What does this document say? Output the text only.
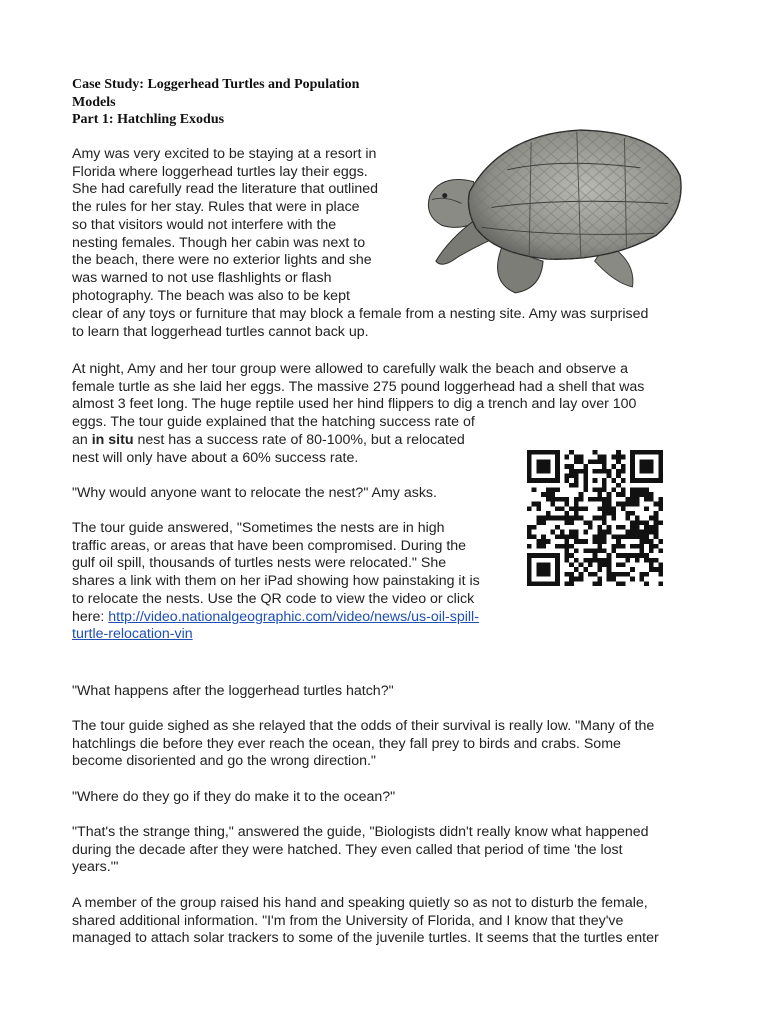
Case Study: Loggerhead Turtles and Population
Models
Part 1: Hatchling Exodus
Amy was very excited to be staying at a resort in
Florida where loggerhead turtles lay their eggs.
She had carefully read the literature that outlined
the rules for her stay. Rules that were in place
so that visitors would not interfere with the
nesting females. Though her cabin was next to
the beach, there were no exterior lights and she
was warned to not use flashlights or flash
photography. The beach was also to be kept
clear of any toys or furniture that may block a female from a nesting site. Amy was surprised
to learn that loggerhead turtles cannot back up.
At night, Amy and her tour group were allowed to carefully walk the beach and observe a
female turtle as she laid her eggs. The massive 275 pound loggerhead had a shell that was
almost 3 feet long. The huge reptile used her hind flippers to dig a trench and lay over 100
eggs. The tour guide explained that the hatching success rate of
an in situ nest has a success rate of 80-100%, but a relocated
nest will only have about a 60% success rate.
"Why would anyone want to relocate the nest?" Amy asks.
The tour guide answered, "Sometimes the nests are in high
traffic areas, or areas that have been compromised. During the
gulf oil spill, thousands of turtles nests were relocated." She
shares a link with them on her iPad showing how painstaking it is
to relocate the nests. Use the QR code to view the video or click
here: http://video.nationalgeographic.com/video/news/us-oil-spill-
turtle-relocation-vin
"What happens after the loggerhead turtles hatch?"
The tour guide sighed as she relayed that the odds of their survival is really low. "Many of the
hatchlings die before they ever reach the ocean, they fall prey to birds and crabs. Some
become disoriented and go the wrong direction."
"Where do they go if they do make it to the ocean?"
"That's the strange thing," answered the guide, "Biologists didn't really know what happened
during the decade after they were hatched. They even called that period of time 'the lost
years.'"
A member of the group raised his hand and speaking quietly so as not to disturb the female,
shared additional information. "I'm from the University of Florida, and I know that they've
managed to attach solar trackers to some of the juvenile turtles. It seems that the turtles enter
